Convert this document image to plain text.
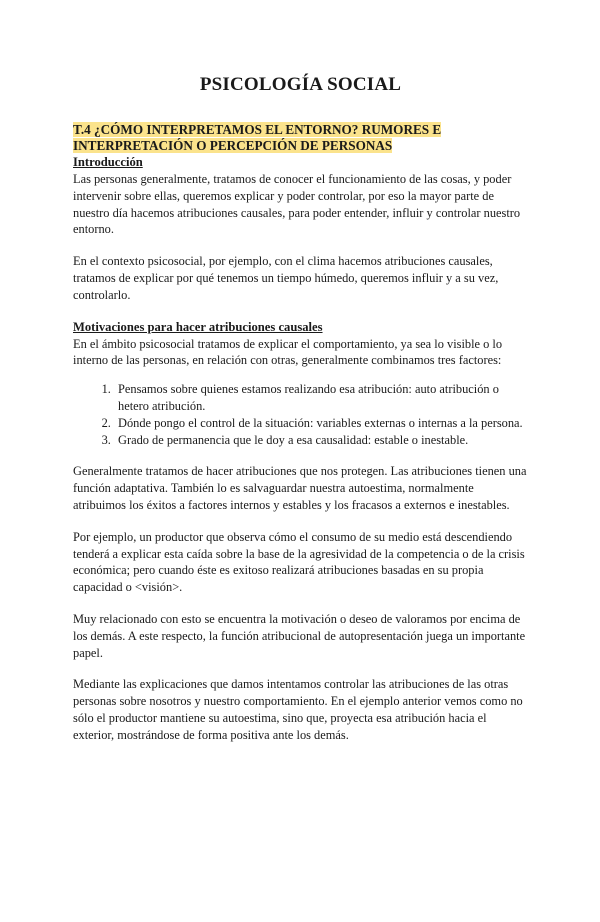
PSICOLOGÍA SOCIAL
T.4 ¿CÓMO INTERPRETAMOS EL ENTORNO? RUMORES E INTERPRETACIÓN O PERCEPCIÓN DE PERSONAS
Introducción

Las personas generalmente, tratamos de conocer el funcionamiento de las cosas, y poder intervenir sobre ellas, queremos explicar y poder controlar, por eso la mayor parte de nuestro día hacemos atribuciones causales, para poder entender, influir y controlar nuestro entorno.

En el contexto psicosocial, por ejemplo, con el clima hacemos atribuciones causales, tratamos de explicar por qué tenemos un tiempo húmedo, queremos influir y a su vez, controlarlo.

Motivaciones para hacer atribuciones causales

En el ámbito psicosocial tratamos de explicar el comportamiento, ya sea lo visible o lo interno de las personas, en relación con otras, generalmente combinamos tres factores:

1. Pensamos sobre quienes estamos realizando esa atribución: auto atribución o hetero atribución.
2. Dónde pongo el control de la situación: variables externas o internas a la persona.
3. Grado de permanencia que le doy a esa causalidad: estable o inestable.

Generalmente tratamos de hacer atribuciones que nos protegen. Las atribuciones tienen una función adaptativa. También lo es salvaguardar nuestra autoestima, normalmente atribuimos los éxitos a factores internos y estables y los fracasos a externos e inestables.

Por ejemplo, un productor que observa cómo el consumo de su medio está descendiendo tenderá a explicar esta caída sobre la base de la agresividad de la competencia o de la crisis económica; pero cuando éste es exitoso realizará atribuciones basadas en su propia capacidad o <visión>.

Muy relacionado con esto se encuentra la motivación o deseo de valoramos por encima de los demás. A este respecto, la función atribucional de autopresentación juega un importante papel.

Mediante las explicaciones que damos intentamos controlar las atribuciones de las otras personas sobre nosotros y nuestro comportamiento. En el ejemplo anterior vemos como no sólo el productor mantiene su autoestima, sino que, proyecta esa atribución hacia el exterior, mostrándose de forma positiva ante los demás.
